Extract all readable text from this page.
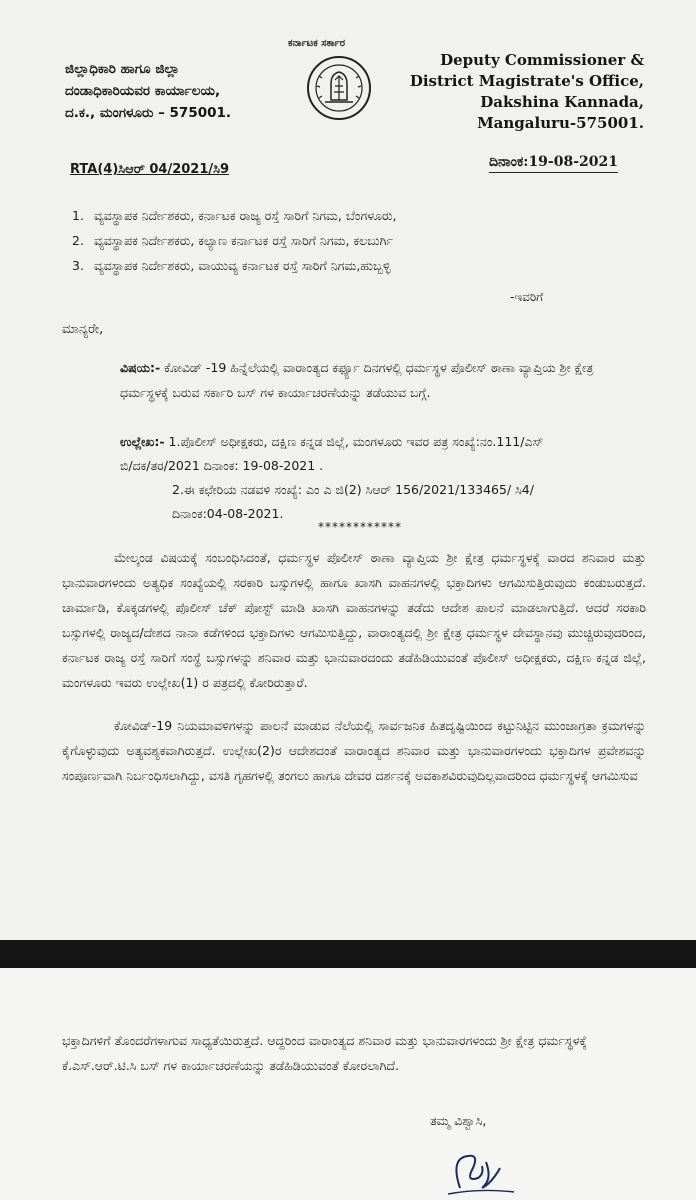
ಜಿಲ್ಲಾಧಿಕಾರಿ ಹಾಗೂ ಜಿಲ್ಲಾ
ದಂಡಾಧಿಕಾರಿಯವರ ಕಾರ್ಯಾಲಯ,
ದ.ಕ., ಮಂಗಳೂರು – 575001.
ಕರ್ನಾಟಕ ಸರ್ಕಾರ
Deputy Commissioner &
District Magistrate's Office,
Dakshina Kannada,
Mangaluru-575001.
RTA(4)ಸಿಆರ್ 04/2021/ಸಿ9	ದಿನಾಂಕ:19-08-2021
1. ವ್ಯವಸ್ಥಾಪಕ ನಿರ್ದೇಶಕರು, ಕರ್ನಾಟಕ ರಾಜ್ಯ ರಸ್ತೆ ಸಾರಿಗೆ ನಿಗಮ, ಬೆಂಗಳೂರು,
2. ವ್ಯವಸ್ಥಾಪಕ ನಿರ್ದೇಶಕರು, ಕಲ್ಯಾಣ ಕರ್ನಾಟಕ ರಸ್ತೆ ಸಾರಿಗೆ ನಿಗಮ, ಕಲಬುರ್ಗಿ
3. ವ್ಯವಸ್ಥಾಪಕ ನಿರ್ದೇಶಕರು, ವಾಯುವ್ಯ ಕರ್ನಾಟಕ ರಸ್ತೆ ಸಾರಿಗೆ ನಿಗಮ,ಹುಬ್ಬಳ್ಳಿ
-ಇವರಿಗೆ
ಮಾನ್ಯರೇ,
ವಿಷಯ:- ಕೋವಿಡ್ -19 ಹಿನ್ನೆಲೆಯಲ್ಲಿ ವಾರಾಂತ್ಯದ ಕರ್ಫ್ಯೂ ದಿನಗಳಲ್ಲಿ ಧರ್ಮಸ್ಥಳ ಪೊಲೀಸ್ ಠಾಣಾ ವ್ಯಾಪ್ತಿಯ ಶ್ರೀ ಕ್ಷೇತ್ರ ಧರ್ಮಸ್ಥಳಕ್ಕೆ ಬರುವ ಸರ್ಕಾರಿ ಬಸ್ ಗಳ ಕಾರ್ಯಾಚರಣೆಯನ್ನು ತಡೆಯುವ ಬಗ್ಗೆ.
ಉಲ್ಲೇಖ:- 1.ಪೊಲೀಸ್ ಅಧೀಕ್ಷಕರು, ದಕ್ಷಿಣ ಕನ್ನಡ ಜಿಲ್ಲೆ, ಮಂಗಳೂರು ಇವರ ಪತ್ರ ಸಂಖ್ಯೆ:ನಂ.111/ಎಸ್
ಬಿ/ದಕ/ತರ/2021 ದಿನಾಂಕ: 19-08-2021 .
2.ಈ ಕಛೇರಿಯ ನಡವಳಿ ಸಂಖ್ಯೆ: ಎಂ ಎ ಜಿ(2) ಸಿಆರ್ 156/2021/133465/ ಸಿ4/
ದಿನಾಂಕ:04-08-2021.
************
ಮೇಲ್ಕಂಡ ವಿಷಯಕ್ಕೆ ಸಂಬಂಧಿಸಿದಂತೆ, ಧರ್ಮಸ್ಥಳ ಪೊಲೀಸ್ ಠಾಣಾ ವ್ಯಾಪ್ತಿಯ ಶ್ರೀ ಕ್ಷೇತ್ರ ಧರ್ಮಸ್ಥಳಕ್ಕೆ ವಾರದ ಶನಿವಾರ ಮತ್ತು ಭಾನುವಾರಗಳಂದು ಅತ್ಯಧಿಕ ಸಂಖ್ಯೆಯಲ್ಲಿ ಸರಕಾರಿ ಬಸ್ಸುಗಳಲ್ಲಿ ಹಾಗೂ ಖಾಸಗಿ ವಾಹನಗಳಲ್ಲಿ ಭಕ್ತಾದಿಗಳು ಆಗಮಿಸುತ್ತಿರುವುದು ಕಂಡುಬರುತ್ತದೆ. ಚಾರ್ಮಾಡಿ, ಕೊಕ್ಕಡಗಳಲ್ಲಿ ಪೊಲೀಸ್ ಚೆಕ್ ಪೋಸ್ಟ್ ಮಾಡಿ ಖಾಸಗಿ ವಾಹನಗಳನ್ನು ತಡೆದು ಆದೇಶ ಪಾಲನೆ ಮಾಡಲಾಗುತ್ತಿದೆ. ಆದರೆ ಸರಕಾರಿ ಬಸ್ಸುಗಳಲ್ಲಿ ರಾಜ್ಯದ/ದೇಶದ ನಾನಾ ಕಡೆಗಳಿಂದ ಭಕ್ತಾದಿಗಳು ಆಗಮಿಸುತ್ತಿದ್ದು, ವಾರಾಂತ್ಯದಲ್ಲಿ ಶ್ರೀ ಕ್ಷೇತ್ರ ಧರ್ಮಸ್ಥಳ ದೇವಸ್ಥಾನವು ಮುಚ್ಚಿರುವುದರಿಂದ, ಕರ್ನಾಟಕ ರಾಜ್ಯ ರಸ್ತೆ ಸಾರಿಗೆ ಸಂಸ್ಥೆ ಬಸ್ಸುಗಳನ್ನು ಶನಿವಾರ ಮತ್ತು ಭಾನುವಾರದಂದು ತಡೆಹಿಡಿಯುವಂತೆ ಪೊಲೀಸ್ ಅಧೀಕ್ಷಕರು, ದಕ್ಷಿಣ ಕನ್ನಡ ಜಿಲ್ಲೆ, ಮಂಗಳೂರು ಇವರು ಉಲ್ಲೇಖ(1) ರ ಪತ್ರದಲ್ಲಿ ಕೋರಿರುತ್ತಾರೆ.
ಕೋವಿಡ್-19 ನಿಯಮಾವಳಿಗಳನ್ನು ಪಾಲನೆ ಮಾಡುವ ನೆಲೆಯಲ್ಲಿ ಸಾರ್ವಜನಿಕ ಹಿತದೃಷ್ಟಿಯಿಂದ ಕಟ್ಟುನಿಟ್ಟಿನ ಮುಂಜಾಗ್ರತಾ ಕ್ರಮಗಳನ್ನು ಕೈಗೊಳ್ಳುವುದು ಅತ್ಯವಶ್ಯಕವಾಗಿರುತ್ತದೆ. ಉಲ್ಲೇಖ(2)ರ ಆದೇಶದಂತೆ ವಾರಾಂತ್ಯದ ಶನಿವಾರ ಮತ್ತು ಭಾನುವಾರಗಳಂದು ಭಕ್ತಾದಿಗಳ ಪ್ರವೇಶವನ್ನು ಸಂಪೂರ್ಣವಾಗಿ ನಿರ್ಬಂಧಿಸಲಾಗಿದ್ದು, ವಸತಿ ಗೃಹಗಳಲ್ಲಿ ತಂಗಲು ಹಾಗೂ ದೇವರ ದರ್ಶನಕ್ಕೆ ಅವಕಾಶವಿರುವುದಿಲ್ಲವಾದರಿಂದ ಧರ್ಮಸ್ಥಳಕ್ಕೆ ಆಗಮಿಸುವ
ಭಕ್ತಾದಿಗಳಿಗೆ ತೊಂದರೆಗಳಾಗುವ ಸಾಧ್ಯತೆಯಿರುತ್ತದೆ. ಆದ್ದರಿಂದ ವಾರಾಂತ್ಯದ ಶನಿವಾರ ಮತ್ತು ಭಾನುವಾರಗಳಂದು ಶ್ರೀ ಕ್ಷೇತ್ರ ಧರ್ಮಸ್ಥಳಕ್ಕೆ ಕೆ.ಎಸ್.ಆರ್.ಟಿ.ಸಿ ಬಸ್ ಗಳ ಕಾರ್ಯಾಚರಣೆಯನ್ನು ತಡೆಹಿಡಿಯುವಂತೆ ಕೋರಲಾಗಿದೆ.
ತಮ್ಮ ವಿಶ್ವಾಸಿ,
